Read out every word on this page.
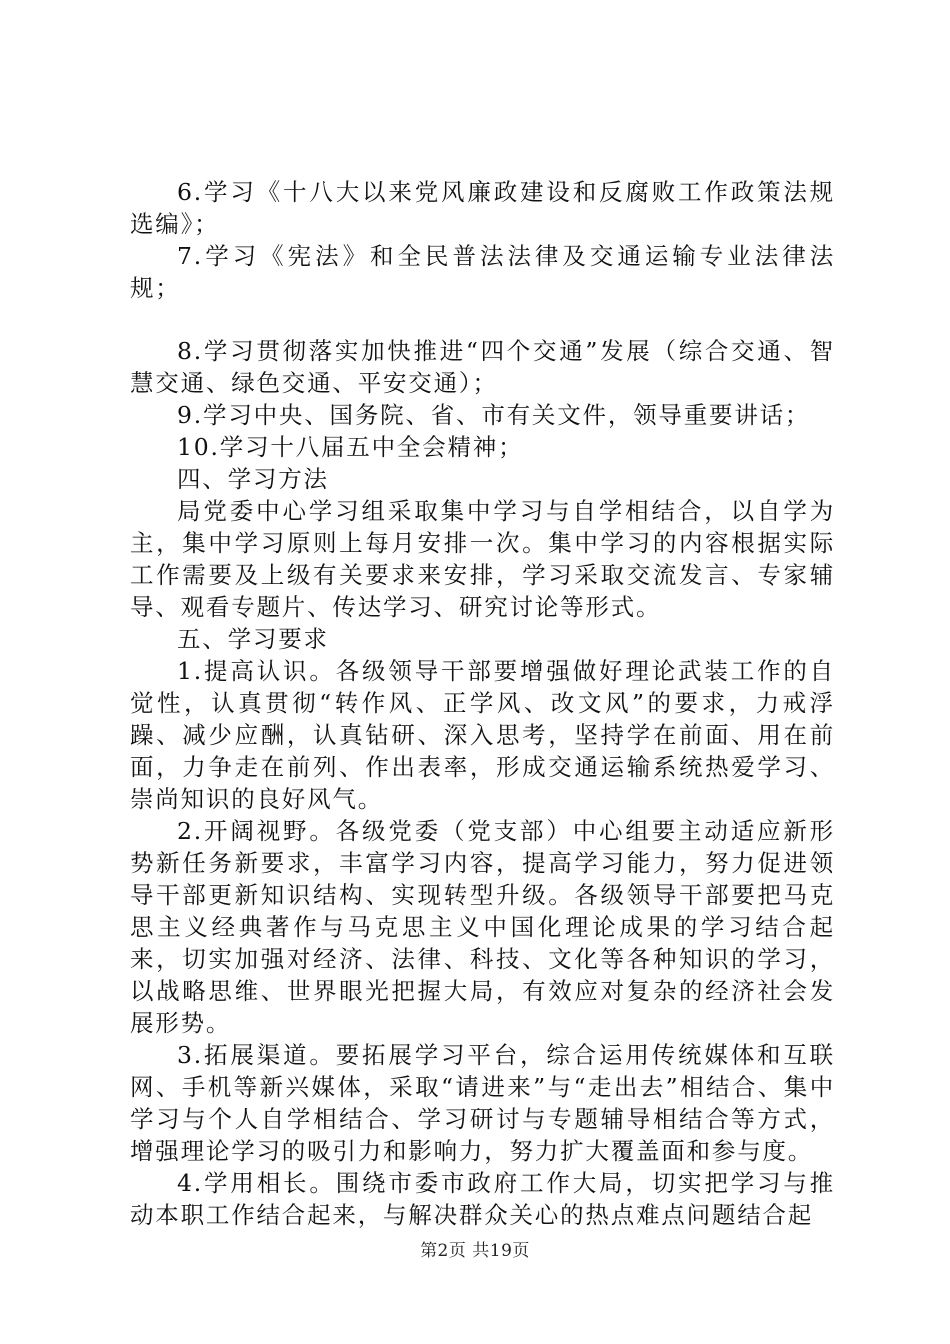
6.学习《十八大以来党风廉政建设和反腐败工作政策法规选编》；

7.学习《宪法》和全民普法法律及交通运输专业法律法规；

8.学习贯彻落实加快推进“四个交通”发展（综合交通、智慧交通、绿色交通、平安交通）；

9.学习中央、国务院、省、市有关文件，领导重要讲话；

10.学习十八届五中全会精神；

四、学习方法

局党委中心学习组采取集中学习与自学相结合，以自学为主，集中学习原则上每月安排一次。集中学习的内容根据实际工作需要及上级有关要求来安排，学习采取交流发言、专家辅导、观看专题片、传达学习、研究讨论等形式。

五、学习要求

1.提高认识。各级领导干部要增强做好理论武装工作的自觉性，认真贯彻“转作风、正学风、改文风”的要求，力戒浮躁、减少应酬，认真钻研、深入思考，坚持学在前面、用在前面，力争走在前列、作出表率，形成交通运输系统热爱学习、崇尚知识的良好风气。

2.开阔视野。各级党委（党支部）中心组要主动适应新形势新任务新要求，丰富学习内容，提高学习能力，努力促进领导干部更新知识结构、实现转型升级。各级领导干部要把马克思主义经典著作与马克思主义中国化理论成果的学习结合起来，切实加强对经济、法律、科技、文化等各种知识的学习，以战略思维、世界眼光把握大局，有效应对复杂的经济社会发展形势。

3.拓展渠道。要拓展学习平台，综合运用传统媒体和互联网、手机等新兴媒体，采取“请进来”与“走出去”相结合、集中学习与个人自学相结合、学习研讨与专题辅导相结合等方式，增强理论学习的吸引力和影响力，努力扩大覆盖面和参与度。

4.学用相长。围绕市委市政府工作大局，切实把学习与推动本职工作结合起来，与解决群众关心的热点难点问题结合起

第2页 共19页
